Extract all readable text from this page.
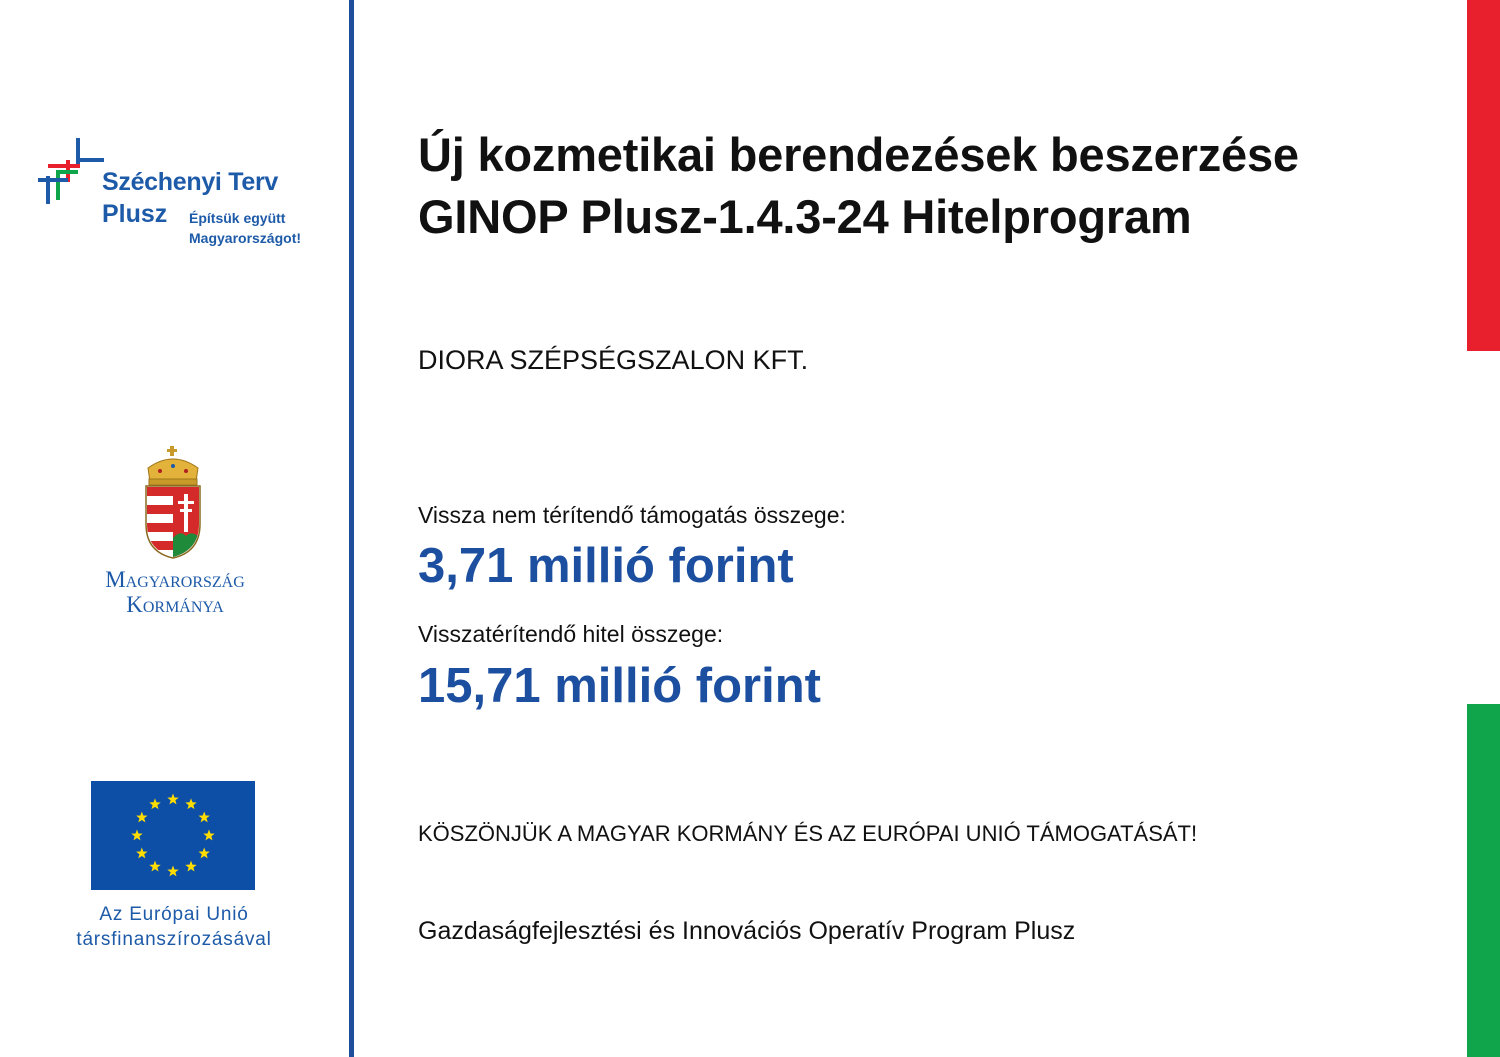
Széchenyi Terv
Plusz Építsük együtt
Magyarországot!
Magyarország
Kormánya
Az Európai Unió
társfinanszírozásával
Új kozmetikai berendezések beszerzése
GINOP Plusz-1.4.3-24 Hitelprogram
DIORA SZÉPSÉGSZALON KFT.
Vissza nem térítendő támogatás összege:
3,71 millió forint
Visszatérítendő hitel összege:
15,71 millió forint
KÖSZÖNJÜK A MAGYAR KORMÁNY ÉS AZ EURÓPAI UNIÓ TÁMOGATÁSÁT!
Gazdaságfejlesztési és Innovációs Operatív Program Plusz
